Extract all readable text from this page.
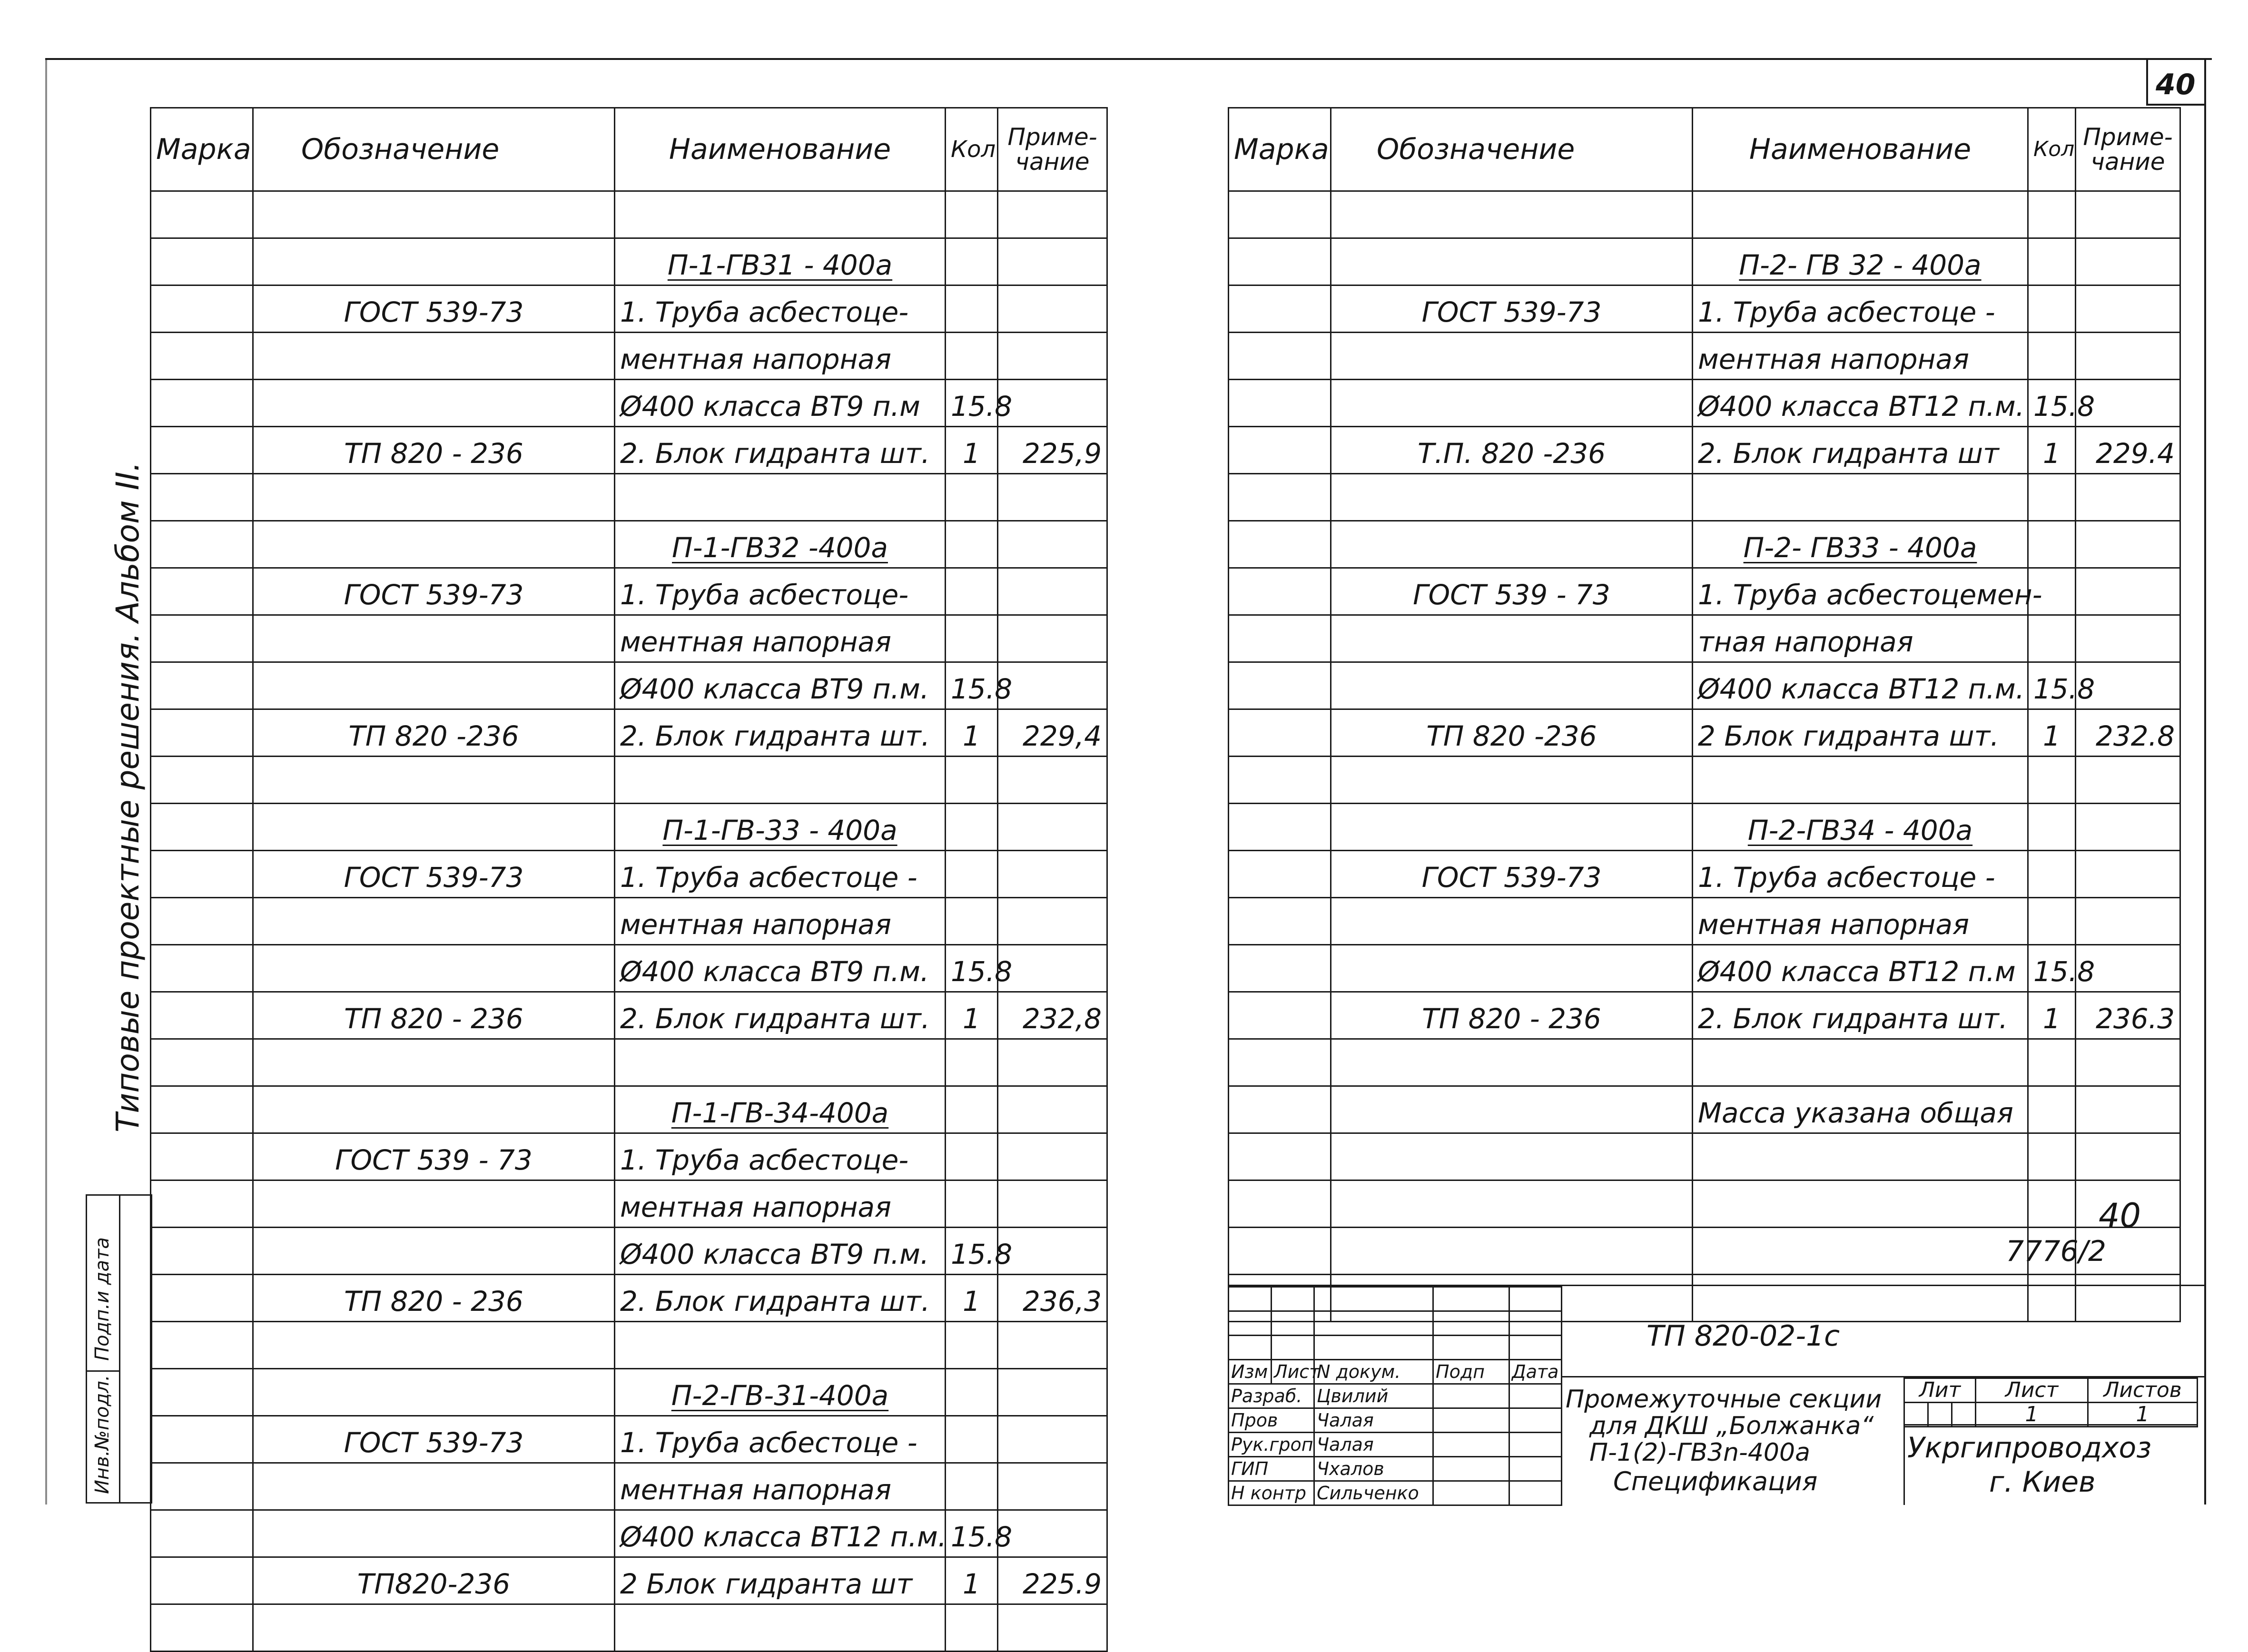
40
Типовые проектные решения. Альбом II.
Инв.№подл.
Подп.и дата
Марка	Обозначение	Наименование	Кол	Приме-
чание

		П-1-ГВ31 - 400а		
	ГОСТ 539-73	1. Труба асбестоце-		
		ментная напорная		
		Ø400 класса ВТ9 п.м	15.8	
	ТП 820 - 236	2. Блок гидранта шт.	1	225,9

		П-1-ГВ32 -400а		
	ГОСТ 539-73	1. Труба асбестоце-		
		ментная напорная		
		Ø400 класса ВТ9 п.м.	15.8	
	ТП 820 -236	2. Блок гидранта шт.	1	229,4

		П-1-ГВ-33 - 400а		
	ГОСТ 539-73	1. Труба асбестоце -		
		ментная напорная		
		Ø400 класса ВТ9 п.м.	15.8	
	ТП 820 - 236	2. Блок гидранта шт.	1	232,8

		П-1-ГВ-34-400а		
	ГОСТ 539 - 73	1. Труба асбестоце-		
		ментная напорная		
		Ø400 класса ВТ9 п.м.	15.8	
	ТП 820 - 236	2. Блок гидранта шт.	1	236,3

		П-2-ГВ-31-400а		
	ГОСТ 539-73	1. Труба асбестоце -		
		ментная напорная		
		Ø400 класса ВТ12 п.м.	15.8	
	ТП820-236	2 Блок гидранта шт	1	225.9

Марка	Обозначение	Наименование	Кол	Приме-
чание

		П-2- ГВ 32 - 400а		
	ГОСТ 539-73	1. Труба асбестоце -		
		ментная напорная		
		Ø400 класса ВТ12 п.м.	15.8	
	Т.П. 820 -236	2. Блок гидранта шт	1	229.4

		П-2- ГВ33 - 400а		
	ГОСТ 539 - 73	1. Труба асбестоцемен-		
		тная напорная		
		Ø400 класса ВТ12 п.м.	15.8	
	ТП 820 -236	2 Блок гидранта шт.	1	232.8

		П-2-ГВ34 - 400а		
	ГОСТ 539-73	1. Труба асбестоце -		
		ментная напорная		
		Ø400 класса ВТ12 п.м	15.8	
	ТП 820 - 236	2. Блок гидранта шт.	1	236.3

		Масса указана общая		

40
7776/2

Изм	Лист	N докум.	Подп	Дата
Разраб.		Цвилий		
Пров		Чалая		
Рук.гроп		Чалая		
ГИП		Чхалов		
Н контр		Сильченко		
ТП 820-02-1с
Промежуточные секции
для ДКШ „Болжанка“
П-1(2)-ГВ3n-400а
Спецификация
Лит			Лист	Листов
			1	1
Укргипроводхоз
г. Киев
